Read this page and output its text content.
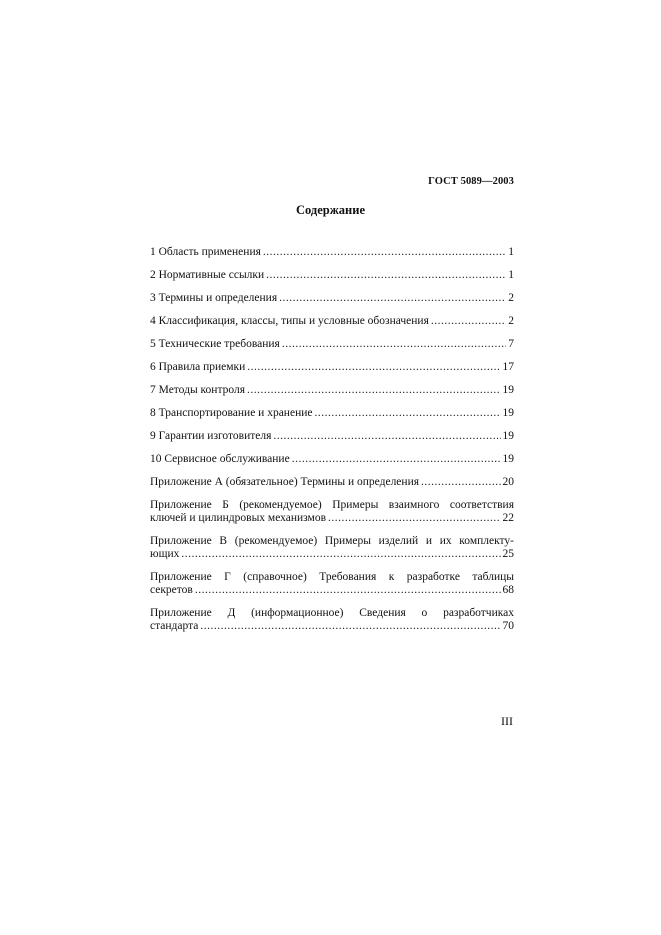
ГОСТ 5089—2003
Содержание
1 Область применения .....	1
2 Нормативные ссылки .....	1
3 Термины и определения .....	2
4 Классификация, классы, типы и условные обозначения .....	2
5 Технические требования .....	7
6 Правила приемки .....	17
7 Методы контроля .....	19
8 Транспортирование и хранение .....	19
9 Гарантии изготовителя .....	19
10 Сервисное обслуживание .....	19
Приложение А (обязательное) Термины и определения .....	20
Приложение Б (рекомендуемое) Примеры взаимного соответствия
ключей и цилиндровых механизмов .....	22
Приложение В (рекомендуемое) Примеры изделий и их комплекту-
ющих .....	25
Приложение Г (справочное) Требования к разработке таблицы
секретов .....	68
Приложение Д (информационное) Сведения о разработчиках
стандарта .....	70
III
